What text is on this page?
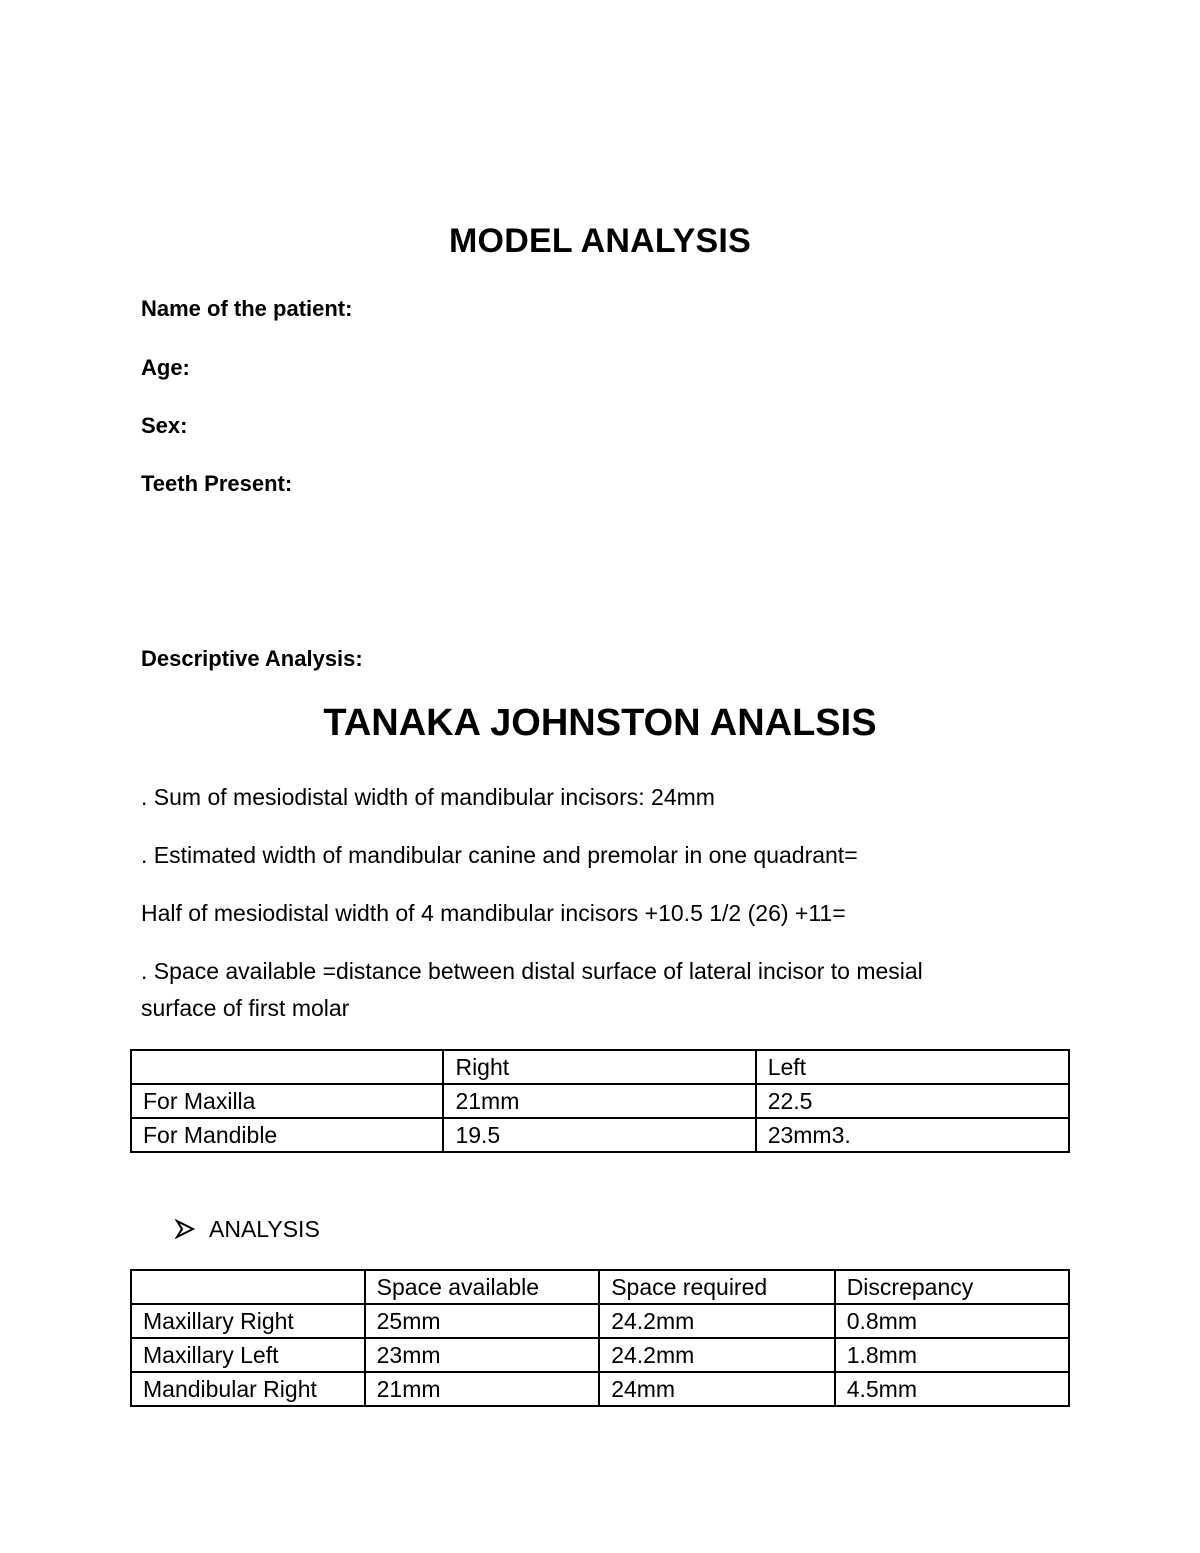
MODEL ANALYSIS
Name of the patient:
Age:
Sex:
Teeth Present:
Descriptive Analysis:
TANAKA JOHNSTON ANALSIS
. Sum of mesiodistal width of mandibular incisors: 24mm
. Estimated width of mandibular canine and premolar in one quadrant=
Half of mesiodistal width of 4 mandibular incisors +10.5 1/2 (26) +11=
. Space available =distance between distal surface of lateral incisor to mesial
surface of first molar
	Right	Left
For Maxilla	21mm	22.5
For Mandible	19.5	23mm3.
ANALYSIS
	Space available	Space required	Discrepancy
Maxillary Right	25mm	24.2mm	0.8mm
Maxillary Left	23mm	24.2mm	1.8mm
Mandibular Right	21mm	24mm	4.5mm
